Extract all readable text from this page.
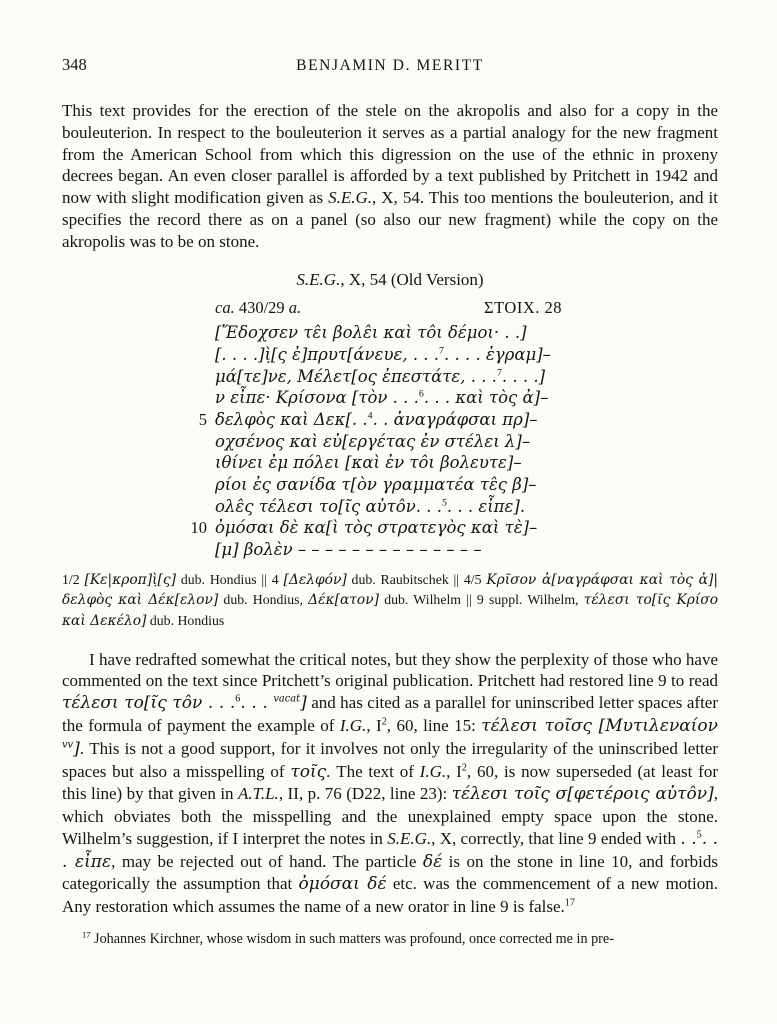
348	BENJAMIN D. MERITT

This text provides for the erection of the stele on the akropolis and also for a copy in the bouleuterion. In respect to the bouleuterion it serves as a partial analogy for the new fragment from the American School from which this digression on the use of the ethnic in proxeny decrees began. An even closer parallel is afforded by a text published by Pritchett in 1942 and now with slight modification given as S.E.G., X, 54. This too mentions the bouleuterion, and it specifies the record there as on a panel (so also our new fragment) while the copy on the akropolis was to be on stone.

S.E.G., X, 54 (Old Version)
ca. 430/29 a.	ΣΤΟΙΧ. 28
[Ἔδοχσεν τε̂ι βολε̂ι καὶ το̂ι δέμοι· . .]
[. . . .]ὶ̣[ς ἐ]πρυτ[άνευε, . . .$^7$. . . . ἐγραμ]–
μά[τε]νε, Μέλετ[ος ἐπεστάτε, . . .$^7$. . . .]
ν εἶπε· Κρίσονα [τὸν . . .$^6$. . . καὶ τὸς ἀ]–
5 δελφὸς καὶ Δεκ[. .$^4$. . ἀναγράφσαι πρ]–
οχσένος καὶ εὐ[εργέτας ἐν στέλει λ]–
ιθίνει ἐμ πόλει [καὶ ἐν το̂ι βολευτε]–
ρίοι ἐς σανίδα τ[ὸν γραμματέα τε̂ς β]–
ολε̂ς τέλεσι το[ῖς αὐτο̂ν. . .$^5$. . . εἶπε].
10 ὀμόσαι δὲ κα[ὶ τὸς στρατεγὸς καὶ τὲ]–
[μ] βολὲν – – – – – – – – – – – – – –

1/2 [Κε|κροπ]ὶ̣[ς] dub. Hondius || 4 [Δελφόν] dub. Raubitschek || 4/5 Κρῖσον ἀ[ναγράφσαι καὶ τὸς ἀ]|δελφὸς καὶ Δέκ[ελον] dub. Hondius, Δέκ[ατον] dub. Wilhelm || 9 suppl. Wilhelm, τέλεσι το[ῖς Κρίσο καὶ Δεκέλο] dub. Hondius

I have redrafted somewhat the critical notes, but they show the perplexity of those who have commented on the text since Pritchett’s original publication. Pritchett had restored line 9 to read τέλεσι το[ῖς το̂ν . . .$^6$. . . $^{vacat}$] and has cited as a parallel for uninscribed letter spaces after the formula of payment the example of I.G., $I^2$, 60, line 15: τέλεσι τοῖσς [Μυτιλεναίον $^{vv}$]. This is not a good support, for it involves not only the irregularity of the uninscribed letter spaces but also a misspelling of τοῖς. The text of I.G., $I^2$, 60, is now superseded (at least for this line) by that given in A.T.L., II, p. 76 (D22, line 23): τέλεσι τοῖς σ[φετέροις αὐτο̂ν], which obviates both the misspelling and the unexplained empty space upon the stone. Wilhelm’s suggestion, if I interpret the notes in S.E.G., X, correctly, that line 9 ended with . .$^5$. . . εἶπε, may be rejected out of hand. The particle δέ is on the stone in line 10, and forbids categorically the assumption that ὀμόσαι δέ etc. was the commencement of a new motion. Any restoration which assumes the name of a new orator in line 9 is false.$^{17}$

$^{17}$ Johannes Kirchner, whose wisdom in such matters was profound, once corrected me in pre-
